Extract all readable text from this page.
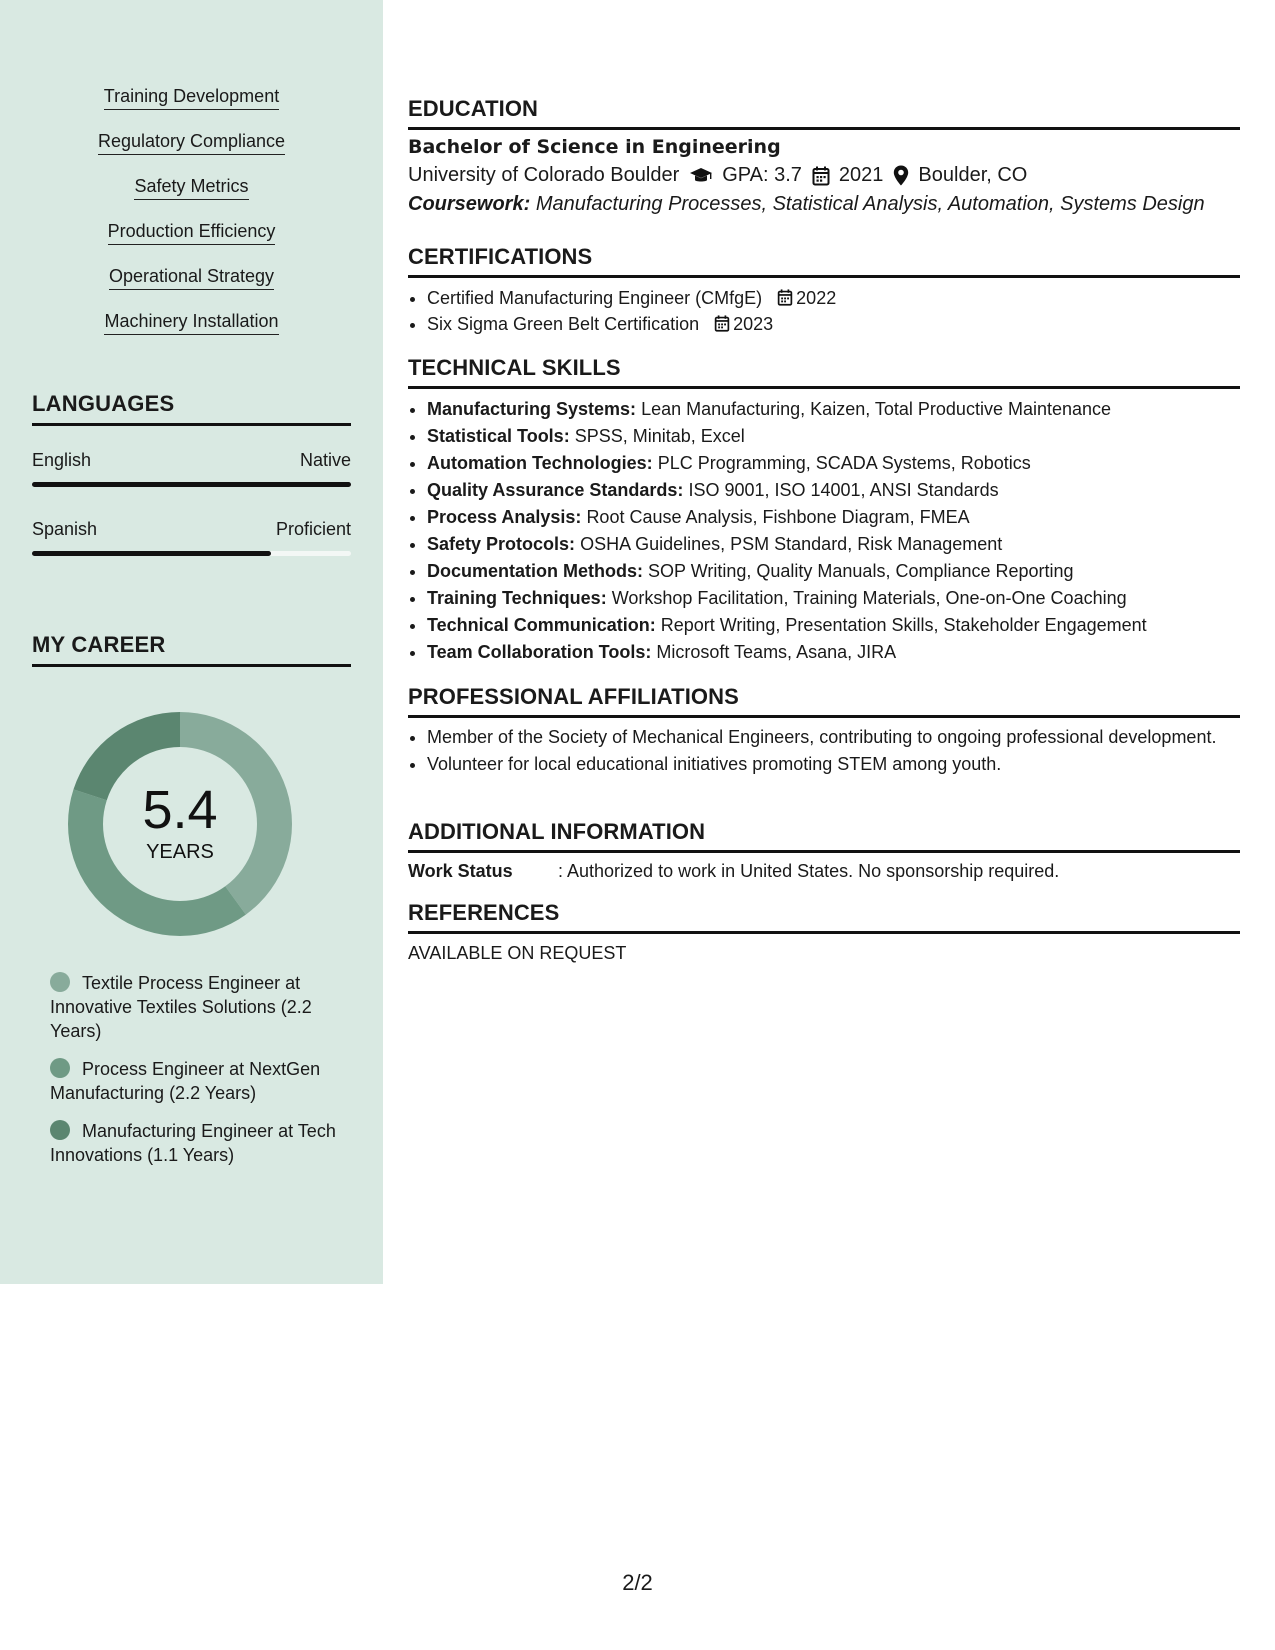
Training Development
Regulatory Compliance
Safety Metrics
Production Efficiency
Operational Strategy
Machinery Installation
LANGUAGES
English	Native
Spanish	Proficient
MY CAREER
5.4
YEARS
Textile Process Engineer at Innovative Textiles Solutions (2.2 Years)
Process Engineer at NextGen Manufacturing (2.2 Years)
Manufacturing Engineer at Tech Innovations (1.1 Years)
EDUCATION
Bachelor of Science in Engineering
University of Colorado Boulder GPA: 3.7 2021 Boulder, CO
Coursework: Manufacturing Processes, Statistical Analysis, Automation, Systems Design
CERTIFICATIONS
• Certified Manufacturing Engineer (CMfgE) 2022
• Six Sigma Green Belt Certification 2023
TECHNICAL SKILLS
• Manufacturing Systems: Lean Manufacturing, Kaizen, Total Productive Maintenance
• Statistical Tools: SPSS, Minitab, Excel
• Automation Technologies: PLC Programming, SCADA Systems, Robotics
• Quality Assurance Standards: ISO 9001, ISO 14001, ANSI Standards
• Process Analysis: Root Cause Analysis, Fishbone Diagram, FMEA
• Safety Protocols: OSHA Guidelines, PSM Standard, Risk Management
• Documentation Methods: SOP Writing, Quality Manuals, Compliance Reporting
• Training Techniques: Workshop Facilitation, Training Materials, One-on-One Coaching
• Technical Communication: Report Writing, Presentation Skills, Stakeholder Engagement
• Team Collaboration Tools: Microsoft Teams, Asana, JIRA
PROFESSIONAL AFFILIATIONS
• Member of the Society of Mechanical Engineers, contributing to ongoing professional development.
• Volunteer for local educational initiatives promoting STEM among youth.
ADDITIONAL INFORMATION
Work Status	: Authorized to work in United States. No sponsorship required.
REFERENCES
AVAILABLE ON REQUEST
2/2
